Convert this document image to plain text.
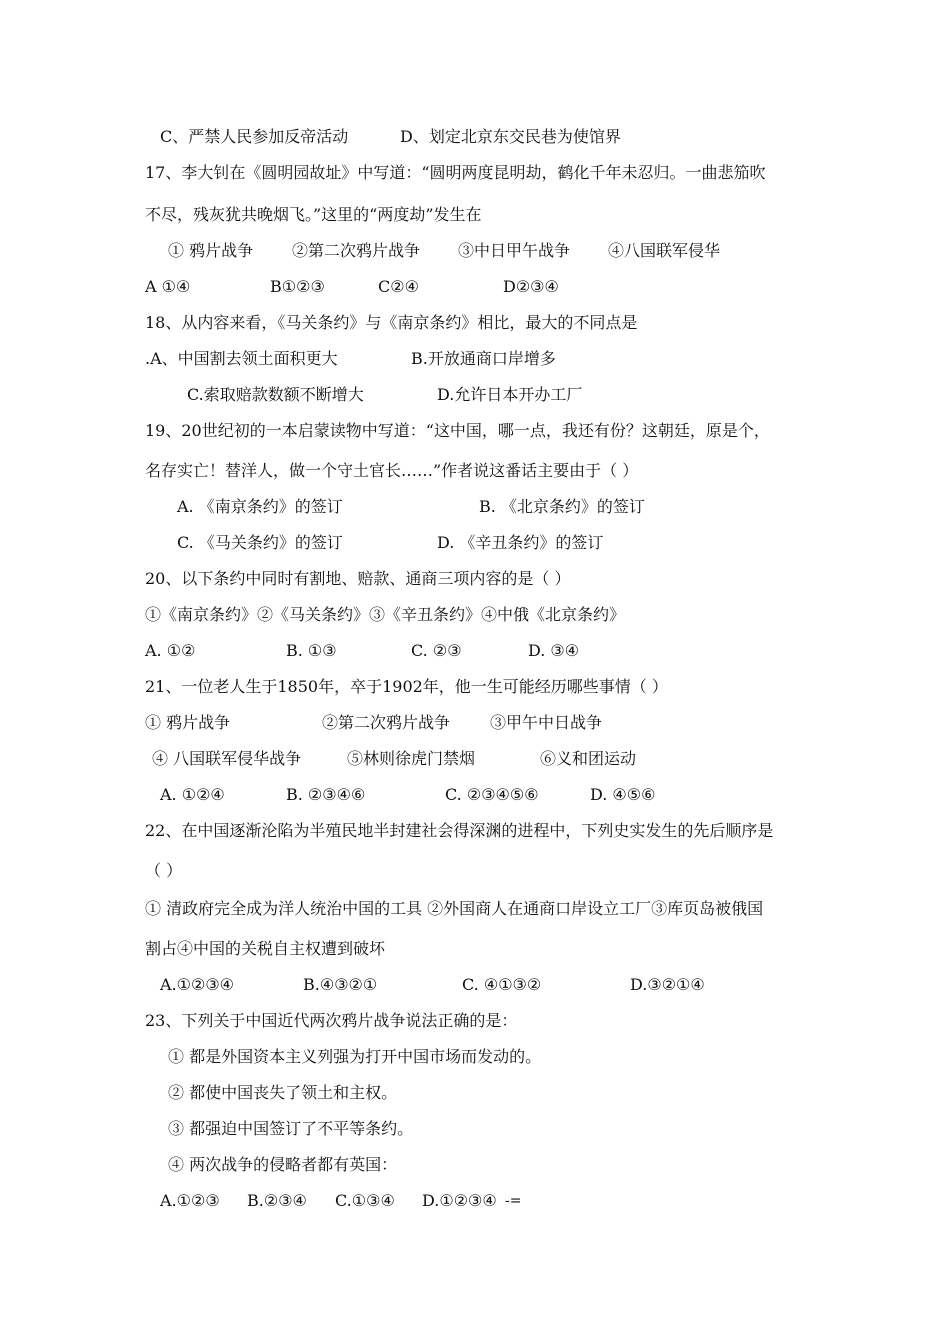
C、严禁人民参加反帝活动	D、划定北京东交民巷为使馆界
17、李大钊在《圆明园故址》中写道：“圆明两度昆明劫，鹤化千年未忍归。一曲悲笳吹
不尽，残灰犹共晚烟飞。”这里的“两度劫”发生在
① 鸦片战争 ②第二次鸦片战争 ③中日甲午战争 ④八国联军侵华
A ①④	B①②③	C②④	D②③④
18、从内容来看，《马关条约》与《南京条约》相比，最大的不同点是
.A、中国割去领土面积更大	B.开放通商口岸增多
C.索取赔款数额不断增大	D.允许日本开办工厂
19、20世纪初的一本启蒙读物中写道：“这中国，哪一点，我还有份？这朝廷，原是个，
名存实亡！替洋人，做一个守土官长……”作者说这番话主要由于（ ）
A. 《南京条约》的签订	B. 《北京条约》的签订
C. 《马关条约》的签订	D. 《辛丑条约》的签订
20、以下条约中同时有割地、赔款、通商三项内容的是（ ）
①《南京条约》②《马关条约》③《辛丑条约》④中俄《北京条约》
A. ①②	B. ①③	C. ②③	D. ③④
21、一位老人生于1850年，卒于1902年，他一生可能经历哪些事情（ ）
① 鸦片战争	②第二次鸦片战争 ③甲午中日战争
④ 八国联军侵华战争	⑤林则徐虎门禁烟	⑥义和团运动
A. ①②④	B. ②③④⑥	C. ②③④⑤⑥	D. ④⑤⑥
22、在中国逐渐沦陷为半殖民地半封建社会得深渊的进程中，下列史实发生的先后顺序是
（ ）
① 清政府完全成为洋人统治中国的工具 ②外国商人在通商口岸设立工厂③库页岛被俄国
割占④中国的关税自主权遭到破坏
A.①②③④	B.④③②①	C. ④①③②	D.③②①④
23、下列关于中国近代两次鸦片战争说法正确的是：
① 都是外国资本主义列强为打开中国市场而发动的。
② 都使中国丧失了领土和主权。
③ 都强迫中国签订了不平等条约。
④ 两次战争的侵略者都有英国：
A.①②③ B.②③④ C.①③④ D.①②③④ -=
